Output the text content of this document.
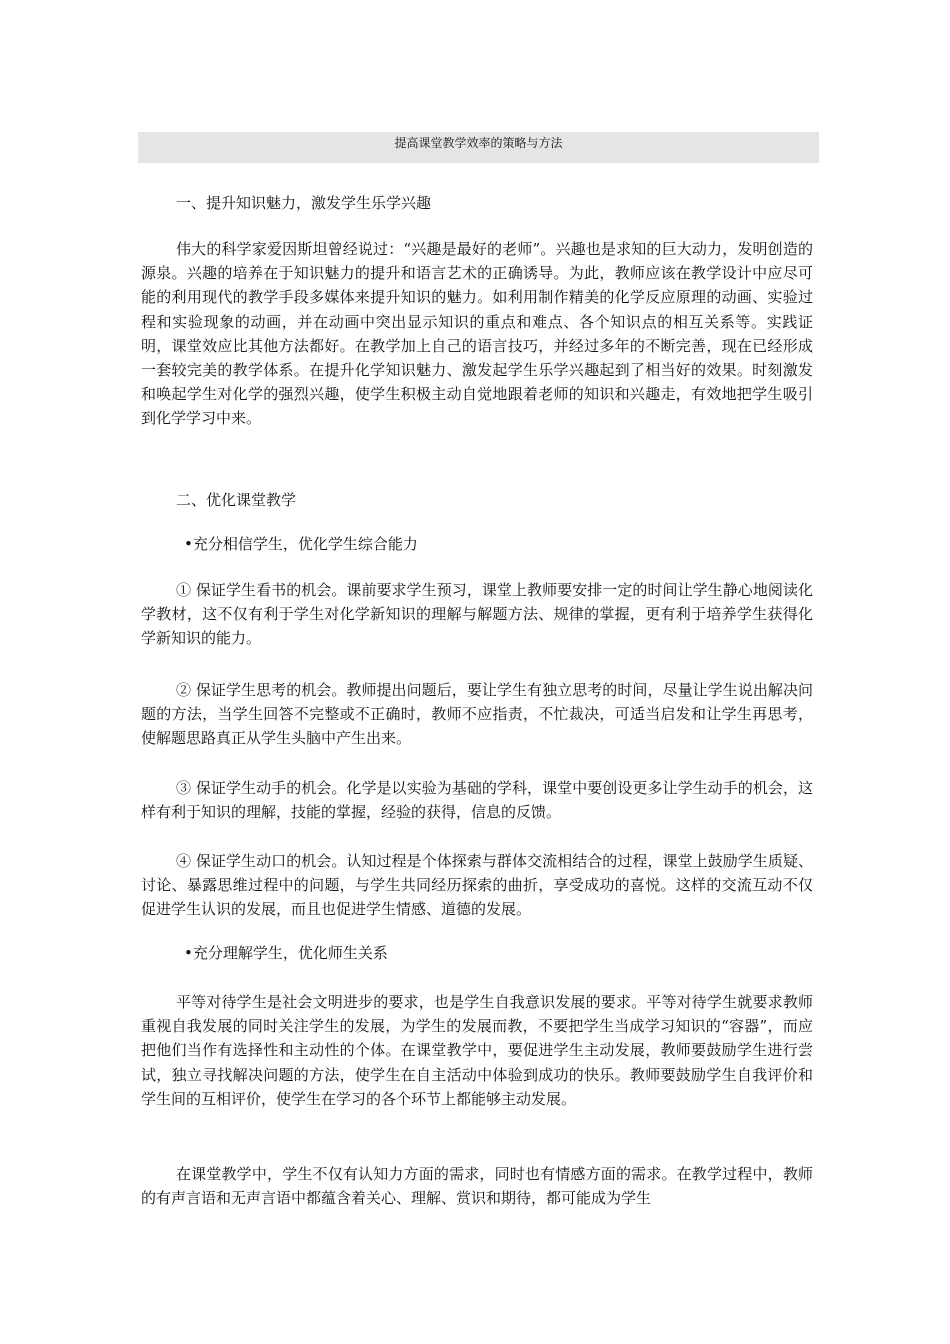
提高课堂教学效率的策略与方法
一、提升知识魅力，激发学生乐学兴趣

伟大的科学家爱因斯坦曾经说过：“兴趣是最好的老师”。兴趣也是求知的巨大动力，发明创造的源泉。兴趣的培养在于知识魅力的提升和语言艺术的正确诱导。为此，教师应该在教学设计中应尽可能的利用现代的教学手段多媒体来提升知识的魅力。如利用制作精美的化学反应原理的动画、实验过程和实验现象的动画，并在动画中突出显示知识的重点和难点、各个知识点的相互关系等。实践证明，课堂效应比其他方法都好。在教学加上自己的语言技巧，并经过多年的不断完善，现在已经形成一套较完美的教学体系。在提升化学知识魅力、激发起学生乐学兴趣起到了相当好的效果。时刻激发和唤起学生对化学的强烈兴趣，使学生积极主动自觉地跟着老师的知识和兴趣走，有效地把学生吸引到化学学习中来。

二、优化课堂教学
•充分相信学生，优化学生综合能力

① 保证学生看书的机会。课前要求学生预习，课堂上教师要安排一定的时间让学生静心地阅读化学教材，这不仅有利于学生对化学新知识的理解与解题方法、规律的掌握，更有利于培养学生获得化学新知识的能力。

② 保证学生思考的机会。教师提出问题后，要让学生有独立思考的时间，尽量让学生说出解决问题的方法，当学生回答不完整或不正确时，教师不应指责，不忙裁决，可适当启发和让学生再思考，使解题思路真正从学生头脑中产生出来。

③ 保证学生动手的机会。化学是以实验为基础的学科，课堂中要创设更多让学生动手的机会，这样有利于知识的理解，技能的掌握，经验的获得，信息的反馈。

④ 保证学生动口的机会。认知过程是个体探索与群体交流相结合的过程，课堂上鼓励学生质疑、讨论、暴露思维过程中的问题，与学生共同经历探索的曲折，享受成功的喜悦。这样的交流互动不仅促进学生认识的发展，而且也促进学生情感、道德的发展。

•充分理解学生，优化师生关系

平等对待学生是社会文明进步的要求，也是学生自我意识发展的要求。平等对待学生就要求教师重视自我发展的同时关注学生的发展，为学生的发展而教，不要把学生当成学习知识的“容器”，而应把他们当作有选择性和主动性的个体。在课堂教学中，要促进学生主动发展，教师要鼓励学生进行尝试，独立寻找解决问题的方法，使学生在自主活动中体验到成功的快乐。教师要鼓励学生自我评价和学生间的互相评价，使学生在学习的各个环节上都能够主动发展。

在课堂教学中，学生不仅有认知力方面的需求，同时也有情感方面的需求。在教学过程中，教师的有声言语和无声言语中都蕴含着关心、理解、赏识和期待，都可能成为学生
